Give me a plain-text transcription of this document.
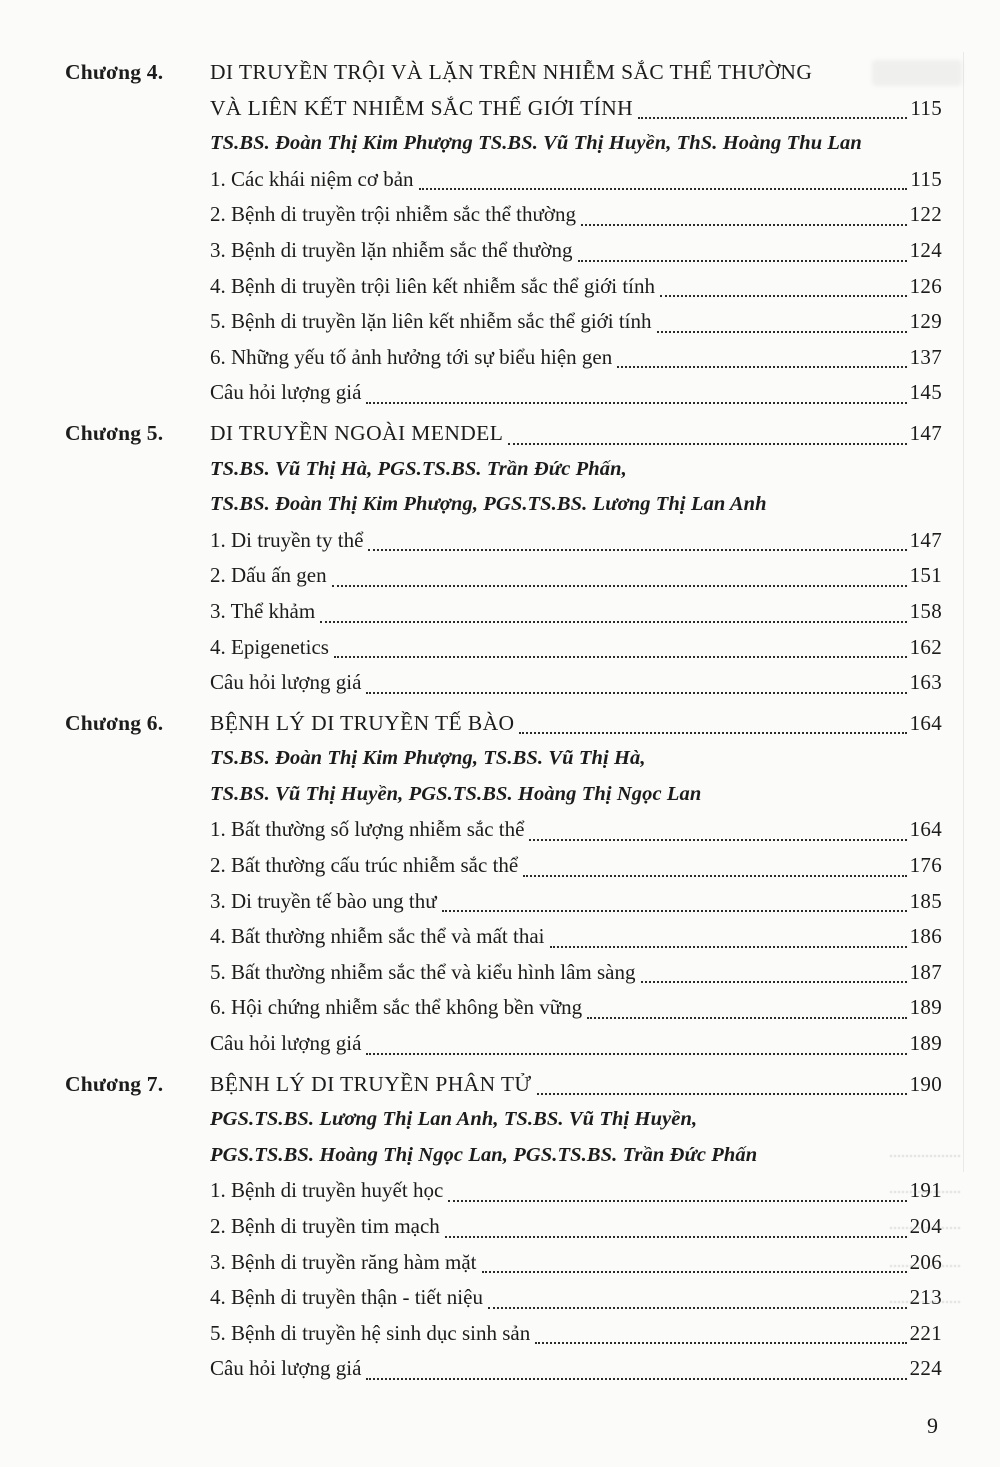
Chương 4.	DI TRUYỀN TRỘI VÀ LẶN TRÊN NHIỄM SẮC THỂ THƯỜNG
VÀ LIÊN KẾT NHIỄM SẮC THỂ GIỚI TÍNH	115
TS.BS. Đoàn Thị Kim Phượng TS.BS. Vũ Thị Huyền, ThS. Hoàng Thu Lan
1. Các khái niệm cơ bản	115
2. Bệnh di truyền trội nhiễm sắc thể thường	122
3. Bệnh di truyền lặn nhiễm sắc thể thường	124
4. Bệnh di truyền trội liên kết nhiễm sắc thể giới tính	126
5. Bệnh di truyền lặn liên kết nhiễm sắc thể giới tính	129
6. Những yếu tố ảnh hưởng tới sự biểu hiện gen	137
Câu hỏi lượng giá	145
Chương 5.	DI TRUYỀN NGOÀI MENDEL	147
TS.BS. Vũ Thị Hà, PGS.TS.BS. Trần Đức Phấn,
TS.BS. Đoàn Thị Kim Phượng, PGS.TS.BS. Lương Thị Lan Anh
1. Di truyền ty thể	147
2. Dấu ấn gen	151
3. Thể khảm	158
4. Epigenetics	162
Câu hỏi lượng giá	163
Chương 6.	BỆNH LÝ DI TRUYỀN TẾ BÀO	164
TS.BS. Đoàn Thị Kim Phượng, TS.BS. Vũ Thị Hà,
TS.BS. Vũ Thị Huyền, PGS.TS.BS. Hoàng Thị Ngọc Lan
1. Bất thường số lượng nhiễm sắc thể	164
2. Bất thường cấu trúc nhiễm sắc thể	176
3. Di truyền tế bào ung thư	185
4. Bất thường nhiễm sắc thể và mất thai	186
5. Bất thường nhiễm sắc thể và kiểu hình lâm sàng	187
6. Hội chứng nhiễm sắc thể không bền vững	189
Câu hỏi lượng giá	189
Chương 7.	BỆNH LÝ DI TRUYỀN PHÂN TỬ	190
PGS.TS.BS. Lương Thị Lan Anh, TS.BS. Vũ Thị Huyền,
PGS.TS.BS. Hoàng Thị Ngọc Lan, PGS.TS.BS. Trần Đức Phấn
1. Bệnh di truyền huyết học	191
2. Bệnh di truyền tim mạch	204
3. Bệnh di truyền răng hàm mặt	206
4. Bệnh di truyền thận - tiết niệu	213
5. Bệnh di truyền hệ sinh dục sinh sản	221
Câu hỏi lượng giá	224
9
